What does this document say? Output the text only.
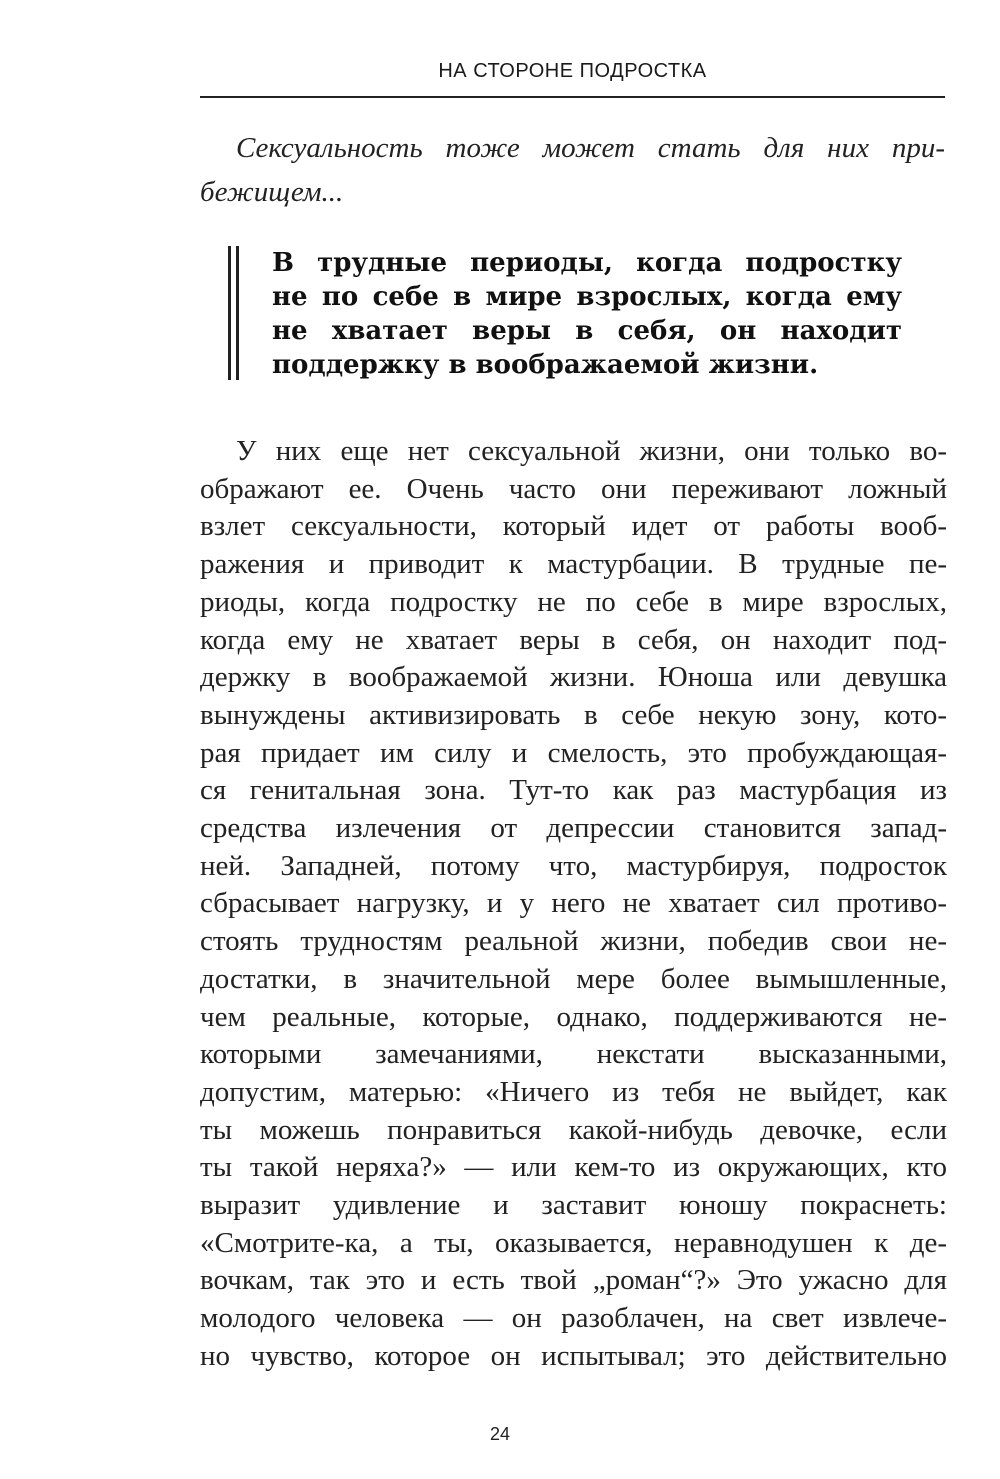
НА СТОРОНЕ ПОДРОСТКА
Сексуальность тоже может стать для них при-
бежищем...
В трудные периоды, когда подростку
не по себе в мире взрослых, когда ему
не хватает веры в себя, он находит
поддержку в воображаемой жизни.
У них еще нет сексуальной жизни, они только во-
ображают ее. Очень часто они переживают ложный
взлет сексуальности, который идет от работы вооб-
ражения и приводит к мастурбации. В трудные пе-
риоды, когда подростку не по себе в мире взрослых,
когда ему не хватает веры в себя, он находит под-
держку в воображаемой жизни. Юноша или девушка
вынуждены активизировать в себе некую зону, кото-
рая придает им силу и смелость, это пробуждающая-
ся генитальная зона. Тут-то как раз мастурбация из
средства излечения от депрессии становится запад-
ней. Западней, потому что, мастурбируя, подросток
сбрасывает нагрузку, и у него не хватает сил противо-
стоять трудностям реальной жизни, победив свои не-
достатки, в значительной мере более вымышленные,
чем реальные, которые, однако, поддерживаются не-
которыми замечаниями, некстати высказанными,
допустим, матерью: «Ничего из тебя не выйдет, как
ты можешь понравиться какой-нибудь девочке, если
ты такой неряха?» — или кем-то из окружающих, кто
выразит удивление и заставит юношу покраснеть:
«Смотрите-ка, а ты, оказывается, неравнодушен к де-
вочкам, так это и есть твой „роман“?» Это ужасно для
молодого человека — он разоблачен, на свет извлече-
но чувство, которое он испытывал; это действительно
24
